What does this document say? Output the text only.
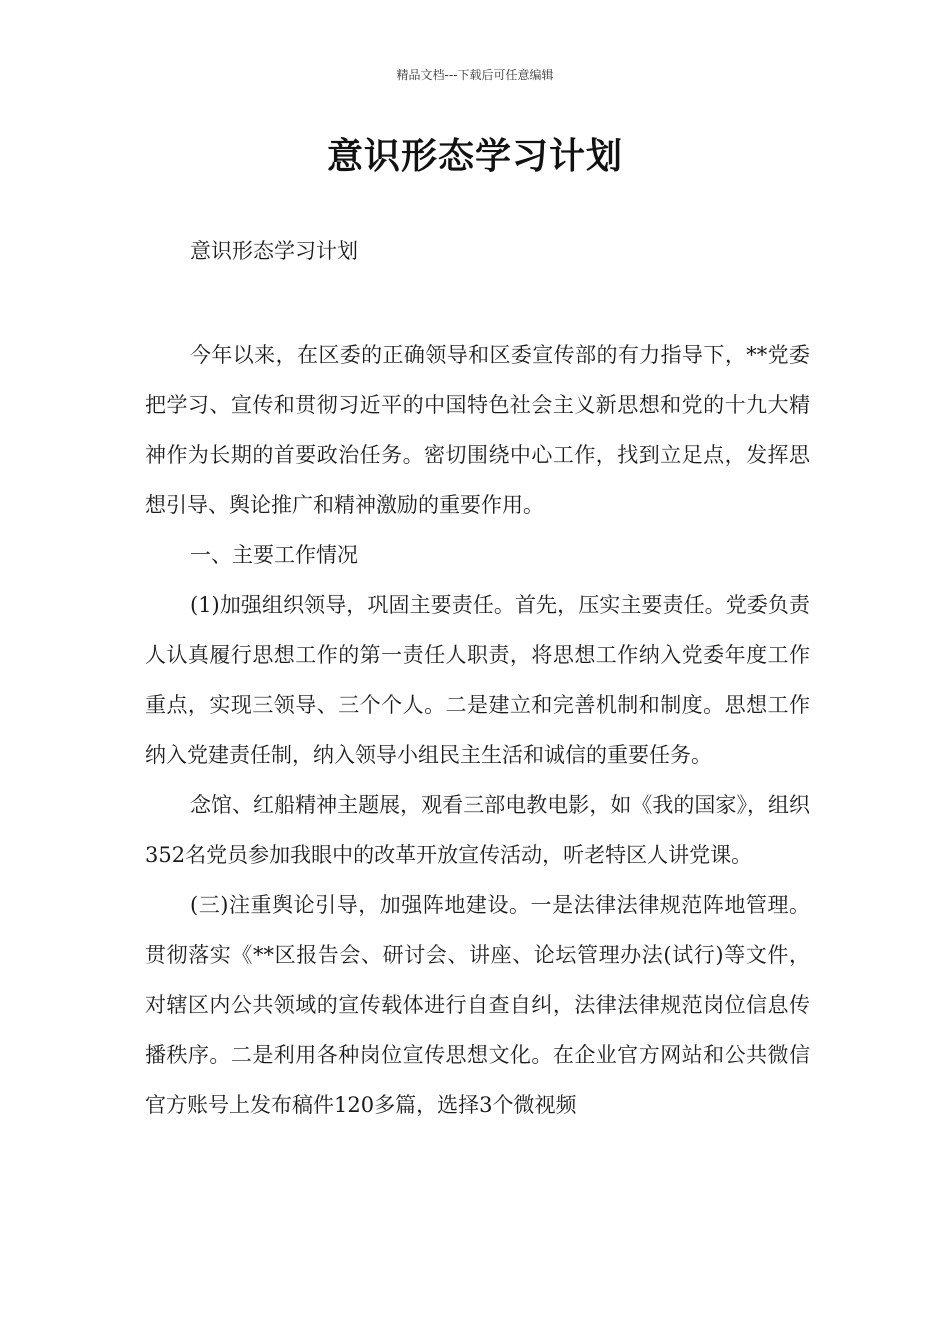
精品文档---下载后可任意编辑
意识形态学习计划
意识形态学习计划

今年以来，在区委的正确领导和区委宣传部的有力指导下，**党委把学习、宣传和贯彻习近平的中国特色社会主义新思想和党的十九大精神作为长期的首要政治任务。密切围绕中心工作，找到立足点，发挥思想引导、舆论推广和精神激励的重要作用。

一、主要工作情况

(1)加强组织领导，巩固主要责任。首先，压实主要责任。党委负责人认真履行思想工作的第一责任人职责，将思想工作纳入党委年度工作重点，实现三领导、三个个人。二是建立和完善机制和制度。思想工作纳入党建责任制，纳入领导小组民主生活和诚信的重要任务。

念馆、红船精神主题展，观看三部电教电影，如《我的国家》，组织352名党员参加我眼中的改革开放宣传活动，听老特区人讲党课。

(三)注重舆论引导，加强阵地建设。一是法律法律规范阵地管理。贯彻落实《**区报告会、研讨会、讲座、论坛管理办法(试行)等文件，对辖区内公共领域的宣传载体进行自查自纠，法律法律规范岗位信息传播秩序。二是利用各种岗位宣传思想文化。在企业官方网站和公共微信官方账号上发布稿件120多篇，选择3个微视频
